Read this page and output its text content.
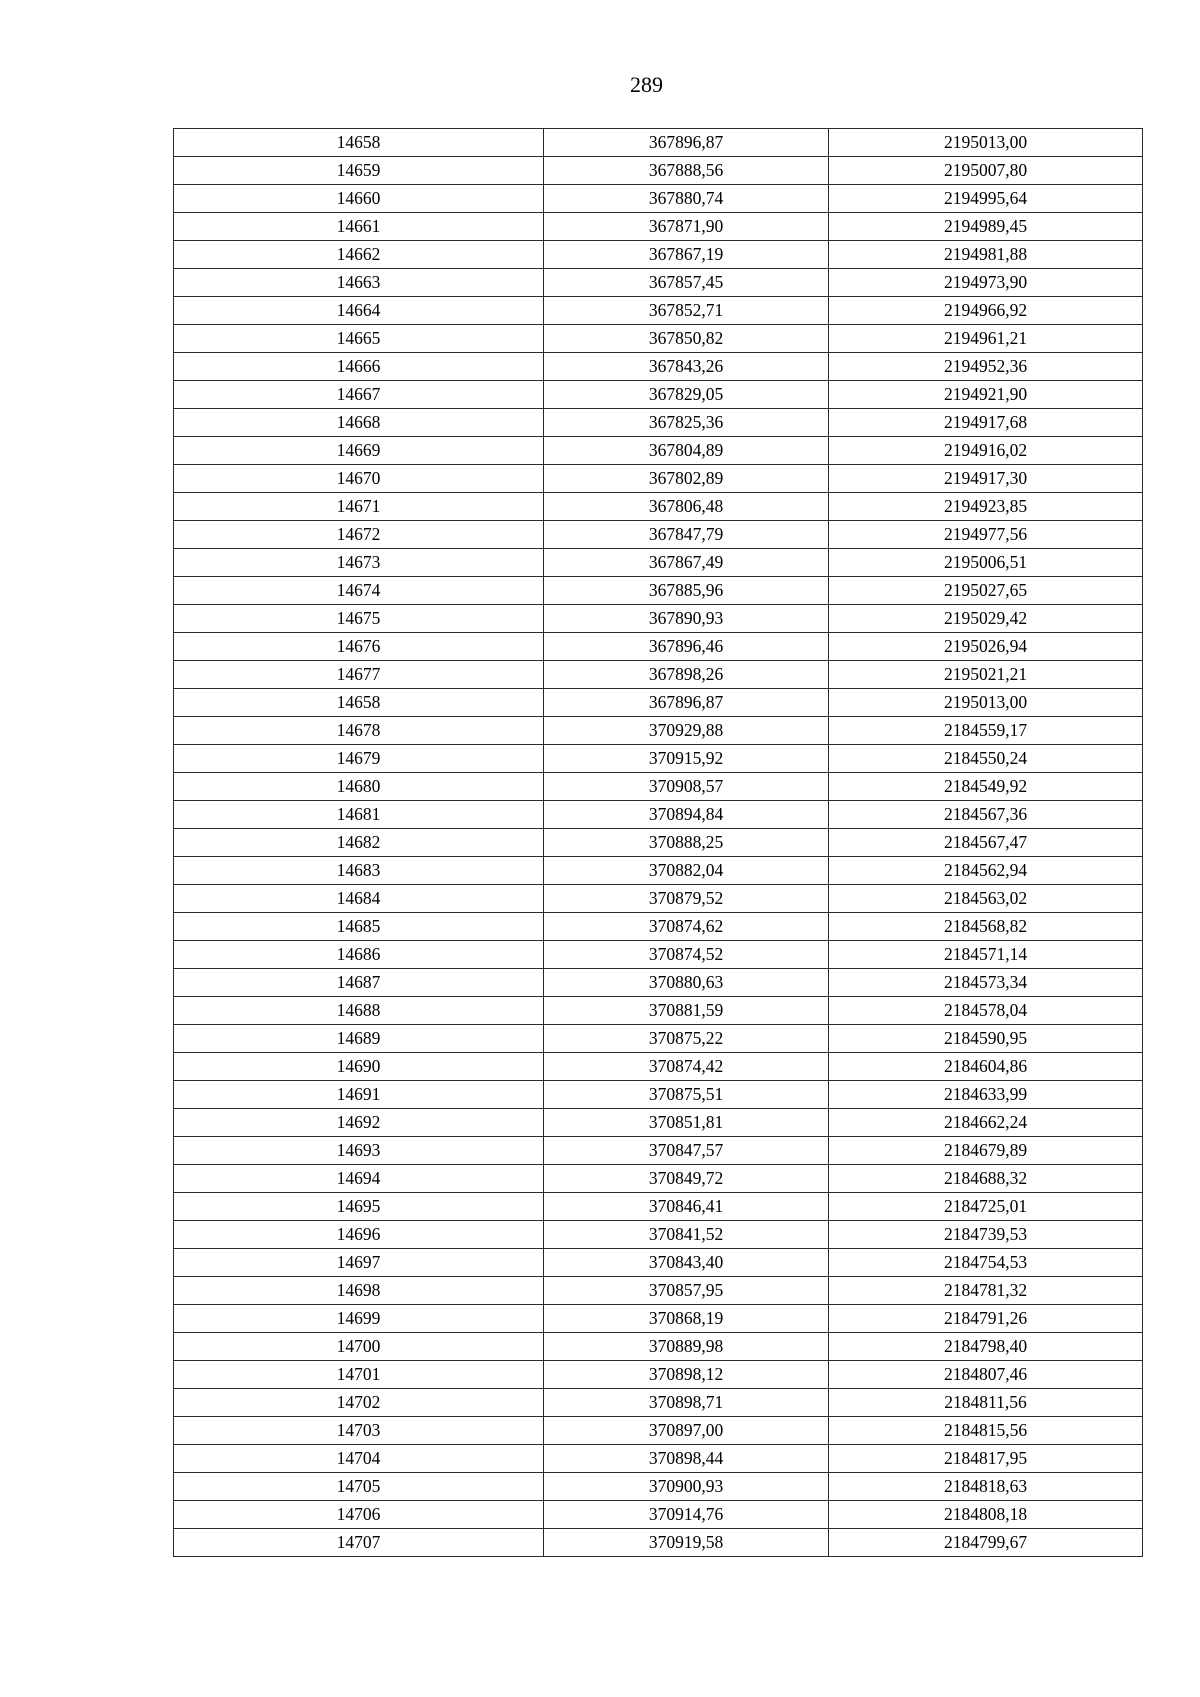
289
14658	367896,87	2195013,00
14659	367888,56	2195007,80
14660	367880,74	2194995,64
14661	367871,90	2194989,45
14662	367867,19	2194981,88
14663	367857,45	2194973,90
14664	367852,71	2194966,92
14665	367850,82	2194961,21
14666	367843,26	2194952,36
14667	367829,05	2194921,90
14668	367825,36	2194917,68
14669	367804,89	2194916,02
14670	367802,89	2194917,30
14671	367806,48	2194923,85
14672	367847,79	2194977,56
14673	367867,49	2195006,51
14674	367885,96	2195027,65
14675	367890,93	2195029,42
14676	367896,46	2195026,94
14677	367898,26	2195021,21
14658	367896,87	2195013,00
14678	370929,88	2184559,17
14679	370915,92	2184550,24
14680	370908,57	2184549,92
14681	370894,84	2184567,36
14682	370888,25	2184567,47
14683	370882,04	2184562,94
14684	370879,52	2184563,02
14685	370874,62	2184568,82
14686	370874,52	2184571,14
14687	370880,63	2184573,34
14688	370881,59	2184578,04
14689	370875,22	2184590,95
14690	370874,42	2184604,86
14691	370875,51	2184633,99
14692	370851,81	2184662,24
14693	370847,57	2184679,89
14694	370849,72	2184688,32
14695	370846,41	2184725,01
14696	370841,52	2184739,53
14697	370843,40	2184754,53
14698	370857,95	2184781,32
14699	370868,19	2184791,26
14700	370889,98	2184798,40
14701	370898,12	2184807,46
14702	370898,71	2184811,56
14703	370897,00	2184815,56
14704	370898,44	2184817,95
14705	370900,93	2184818,63
14706	370914,76	2184808,18
14707	370919,58	2184799,67
